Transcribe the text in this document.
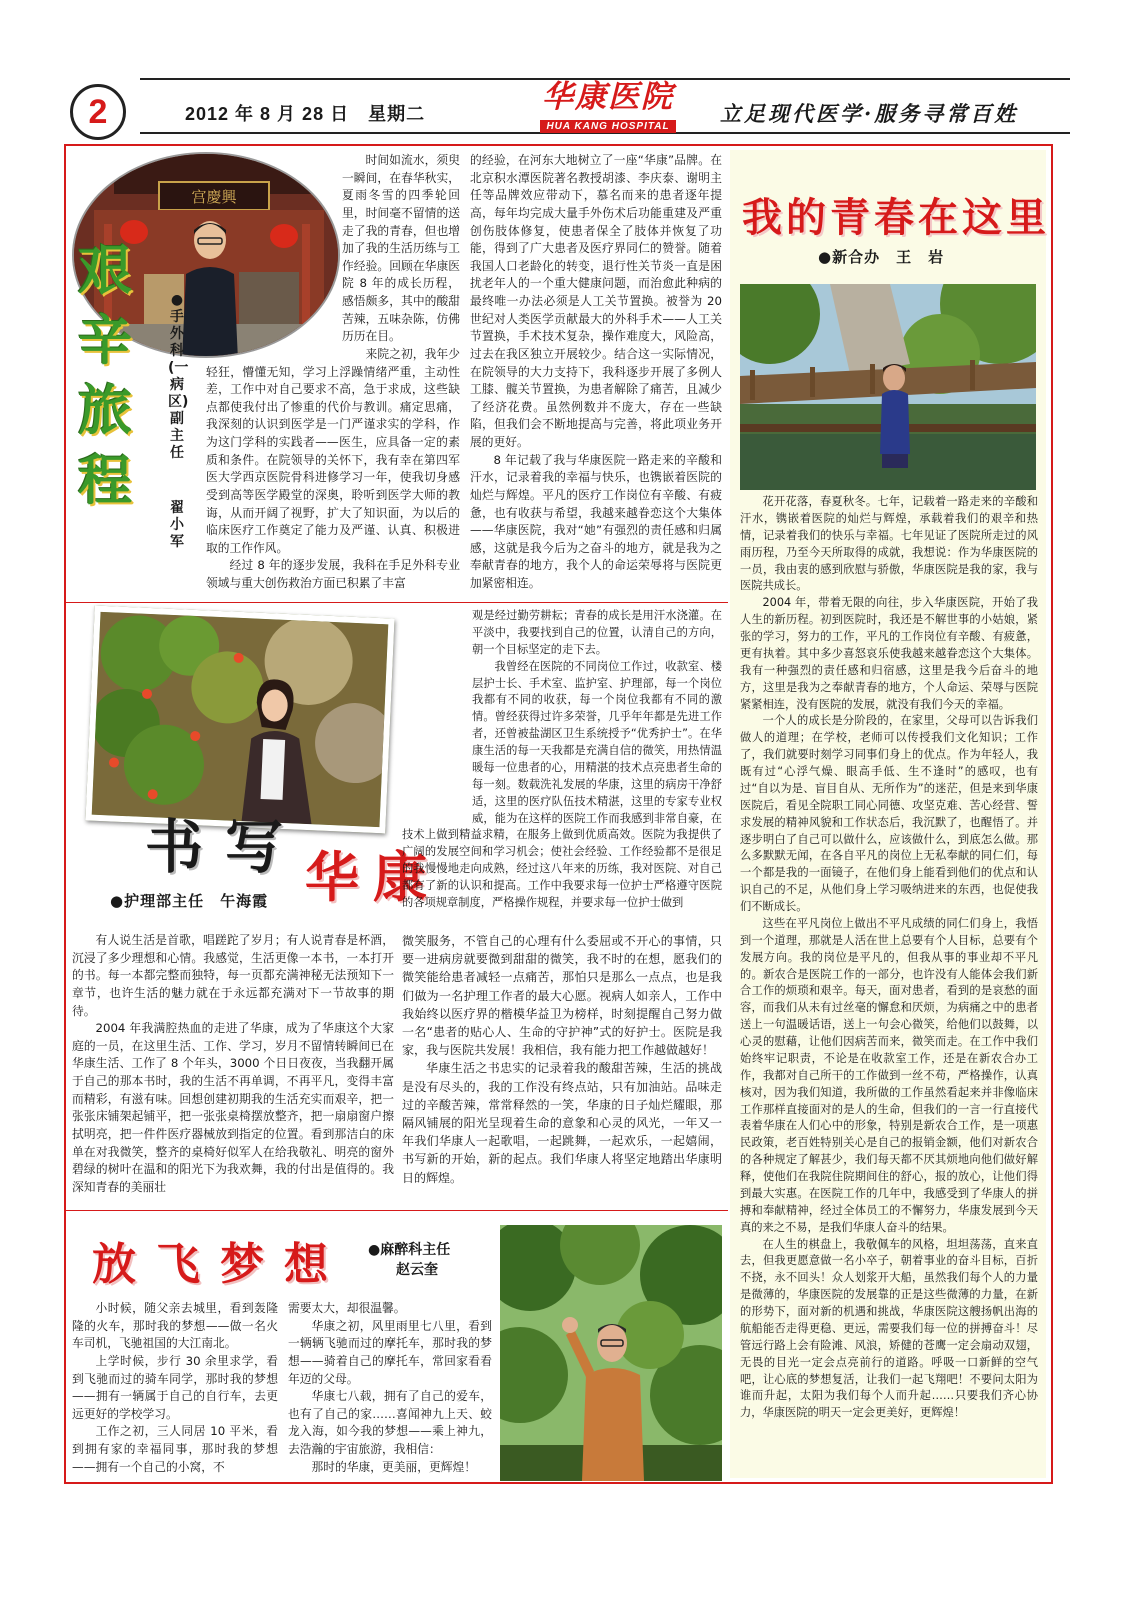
2	2012 年 8 月 28 日　星期二	华康医院
HUA KANG HOSPITAL
立足现代医学·服务寻常百姓
宫慶興
艰
辛
旅
程
●手外科(一病区)副主任
翟小军

时间如流水，须臾一瞬间，在春华秋实，夏雨冬雪的四季轮回里，时间毫不留情的送走了我的青春，但也增加了我的生活历练与工作经验。回顾在华康医院 8 年的成长历程，感悟颇多，其中的酸甜苦辣，五味杂陈，仿佛历历在目。

来院之初，我年少轻狂，懵懂无知，学习上浮躁情绪严重，主动性差，工作中对自己要求不高，急于求成，这些缺点都使我付出了惨重的代价与教训。痛定思痛，我深刻的认识到医学是一门严谨求实的学科，作为这门学科的实践者——医生，应具备一定的素质和条件。在院领导的关怀下，我有幸在第四军医大学西京医院骨科进修学习一年，使我切身感受到高等医学殿堂的深奥，聆听到医学大师的教诲，从而开阔了视野，扩大了知识面，为以后的临床医疗工作奠定了能力及严谨、认真、积极进取的工作作风。

经过 8 年的逐步发展，我科在手足外科专业领域与重大创伤救治方面已积累了丰富

的经验，在河东大地树立了一座“华康”品牌。在北京积水潭医院著名教授胡漆、李庆泰、谢明主任等品牌效应带动下，慕名而来的患者逐年提高，每年均完成大量手外伤术后功能重建及严重创伤肢体修复，使患者保全了肢体并恢复了功能，得到了广大患者及医疗界同仁的赞誉。随着我国人口老龄化的转变，退行性关节炎一直是困扰老年人的一个重大健康问题，而治愈此种病的最终唯一办法必须是人工关节置换。被誉为 20 世纪对人类医学贡献最大的外科手术——人工关节置换，手术技术复杂，操作难度大，风险高，过去在我区独立开展较少。结合这一实际情况，在院领导的大力支持下，我科逐步开展了多例人工膝、髋关节置换，为患者解除了痛苦，且减少了经济花费。虽然例数并不庞大，存在一些缺陷，但我们会不断地提高与完善，将此项业务开展的更好。

8 年记载了我与华康医院一路走来的辛酸和汗水，记录着我的幸福与快乐，也镌嵌着医院的灿烂与辉煌。平凡的医疗工作岗位有辛酸、有疲惫，也有收获与希望，我越来越眷恋这个大集体——华康医院，我对“她”有强烈的责任感和归属感，这就是我今后为之奋斗的地方，就是我为之奉献青春的地方，我个人的命运荣辱将与医院更加紧密相连。

书写 华康
●护理部主任　午海霞

观是经过勤劳耕耘；青春的成长是用汗水浇灌。在平淡中，我要找到自己的位置，认清自己的方向，朝一个目标坚定的走下去。

我曾经在医院的不同岗位工作过，收款室、楼层护士长、手术室、监护室、护理部，每一个岗位我都有不同的收获，每一个岗位我都有不同的激情。曾经获得过许多荣誉，几乎年年都是先进工作者，还曾被盐湖区卫生系统授予“优秀护士”。在华康生活的每一天我都是充满自信的微笑，用热情温暖每一位患者的心，用精湛的技术点亮患者生命的每一刻。数载洗礼发展的华康，这里的病房干净舒适，这里的医疗队伍技术精湛，这里的专家专业权威，能为在这样的医院工作而我感到非常自豪，在技术上做到精益求精，在服务上做到优质高效。医院为我提供了广阔的发展空间和学习机会；使社会经验、工作经验都不是很足的我慢慢地走向成熟，经过这八年来的历练，我对医院、对自己都有了新的认识和提高。工作中我要求每一位护士严格遵守医院的各项规章制度，严格操作规程，并要求每一位护士做到

有人说生活是首歌，唱蹉跎了岁月；有人说青春是杯酒，沉浸了多少理想和心情。我感觉，生活更像一本书，一本打开的书。每一本都完整而独特，每一页都充满神秘无法预知下一章节，也许生活的魅力就在于永远都充满对下一节故事的期待。

2004 年我满腔热血的走进了华康，成为了华康这个大家庭的一员，在这里生活、工作、学习，岁月不留情转瞬间已在华康生活、工作了 8 个年头，3000 个日日夜夜，当我翻开属于自己的那本书时，我的生活不再单调，不再平凡，变得丰富而精彩，有滋有味。回想创建初期我的生活充实而艰辛，把一张张床铺架起铺平，把一张张桌椅摆放整齐，把一扇扇窗户擦拭明亮，把一件件医疗器械放到指定的位置。看到那洁白的床单在对我微笑，整齐的桌椅好似军人在给我敬礼、明亮的窗外碧绿的树叶在温和的阳光下为我欢舞，我的付出是值得的。我深知青春的美丽壮

微笑服务，不管自己的心理有什么委屈或不开心的事情，只要一进病房就要微到甜甜的微笑，我不时的在想，愿我们的微笑能给患者减轻一点痛苦，那怕只是那么一点点，也是我们做为一名护理工作者的最大心愿。视病人如亲人，工作中我始终以医疗界的楷模华益卫为榜样，时刻提醒自己努力做一名“患者的贴心人、生命的守护神”式的好护士。医院是我家，我与医院共发展！我相信，我有能力把工作越做越好！

华康生活之书忠实的记录着我的酸甜苦辣，生活的挑战是没有尽头的，我的工作没有终点站，只有加油站。品味走过的辛酸苦辣，常常释然的一笑，华康的日子灿烂耀眼，那隔风铺展的阳光呈现着生命的意象和心灵的风光，一年又一年我们华康人一起歌唱，一起跳舞，一起欢乐，一起嬉闹，书写新的开始，新的起点。我们华康人将坚定地踏出华康明日的辉煌。

放飞梦想 ●麻醉科主任
赵云奎

小时候，随父亲去城里，看到轰隆隆的火车，那时我的梦想——做一名火车司机，飞驰祖国的大江南北。

上学时候，步行 30 余里求学，看到飞驰而过的骑车同学，那时我的梦想——拥有一辆属于自己的自行车，去更远更好的学校学习。

工作之初，三人同居 10 平米，看到拥有家的幸福同事，那时我的梦想——拥有一个自己的小窝，不

需要太大，却很温馨。

华康之初，风里雨里七八里，看到一辆辆飞驰而过的摩托车，那时我的梦想——骑着自己的摩托车，常回家看看年迈的父母。

华康七八载，拥有了自己的爱车，也有了自己的家……喜闻神九上天、蛟龙入海，如今我的梦想——乘上神九，去浩瀚的宇宙旅游，我相信：

那时的华康，更美丽，更辉煌！

我的青春在这里
●新合办　王　岩

花开花落，春夏秋冬。七年，记载着一路走来的辛酸和汗水，镌嵌着医院的灿烂与辉煌，承载着我们的艰辛和热情，记录着我们的快乐与幸福。七年见证了医院所走过的风雨历程，乃至今天所取得的成就，我想说：作为华康医院的一员，我由衷的感到欣慰与骄傲，华康医院是我的家，我与医院共成长。

2004 年，带着无限的向往，步入华康医院，开始了我人生的新历程。初到医院时，我还是不解世事的小姑娘，紧张的学习，努力的工作，平凡的工作岗位有辛酸、有疲惫，更有执着。其中多少喜怒哀乐使我越来越眷恋这个大集体。我有一种强烈的责任感和归宿感，这里是我今后奋斗的地方，这里是我为之奉献青春的地方，个人命运、荣辱与医院紧紧相连，没有医院的发展，就没有我们今天的幸福。

一个人的成长是分阶段的，在家里，父母可以告诉我们做人的道理；在学校，老师可以传授我们文化知识；工作了，我们就要时刻学习同事们身上的优点。作为年轻人，我既有过“心浮气燥、眼高手低、生不逢时”的感叹，也有过“自以为是、盲目自从、无所作为”的迷茫，但是来到华康医院后，看见全院职工同心同德、攻坚克难、苦心经营、誓求发展的精神风貌和工作状态后，我沉默了，也醒悟了。并逐步明白了自己可以做什么，应该做什么，到底怎么做。那么多默默无闻，在各自平凡的岗位上无私奉献的同仁们，每一个都是我的一面镜子，在他们身上能看到他们的优点和认识自己的不足，从他们身上学习吸纳进来的东西，也促使我们不断成长。

这些在平凡岗位上做出不平凡成绩的同仁们身上，我悟到一个道理，那就是人活在世上总要有个人目标，总要有个发展方向。我的岗位是平凡的，但我从事的事业却不平凡的。新农合是医院工作的一部分，也许没有人能体会我们新合工作的烦琐和艰辛。每天，面对患者，看到的是哀愁的面容，而我们从未有过丝毫的懈怠和厌烦，为病痛之中的患者送上一句温暖话语，送上一句会心微笑，给他们以鼓舞，以心灵的慰藉，让他们因病苦而来，微笑而走。在工作中我们始终牢记职责，不论是在收款室工作，还是在新农合办工作，我都对自己所干的工作做到一丝不苟，严格操作，认真核对，因为我们知道，我所做的工作虽然看起来并非像临床工作那样直接面对的是人的生命，但我们的一言一行直接代表着华康在人们心中的形象，特别是新农合工作，是一项惠民政策，老百姓特别关心是自己的报销金额，他们对新农合的各种规定了解甚少，我们每天都不厌其烦地向他们做好解释，使他们在我院住院期间住的舒心，报的放心，让他们得到最大实惠。在医院工作的几年中，我感受到了华康人的拼搏和奉献精神，经过全体员工的不懈努力，华康发展到今天真的来之不易，是我们华康人奋斗的结果。

在人生的棋盘上，我敬佩车的风格，坦坦荡荡，直来直去，但我更愿意做一名小卒子，朝着事业的奋斗目标，百折不挠，永不回头！众人划浆开大船，虽然我们每个人的力量是微薄的，华康医院的发展靠的正是这些微薄的力量，在新的形势下，面对新的机遇和挑战，华康医院这艘扬帆出海的航船能否走得更稳、更远，需要我们每一位的拼搏奋斗！尽管远行路上会有险滩、风浪，矫健的苍鹰一定会扇动双翅，无畏的目光一定会点亮前行的道路。呼吸一口新鲜的空气吧，让心底的梦想复活，让我们一起飞翔吧！不要问太阳为谁而升起，太阳为我们每个人而升起……只要我们齐心协力，华康医院的明天一定会更美好，更辉煌！
